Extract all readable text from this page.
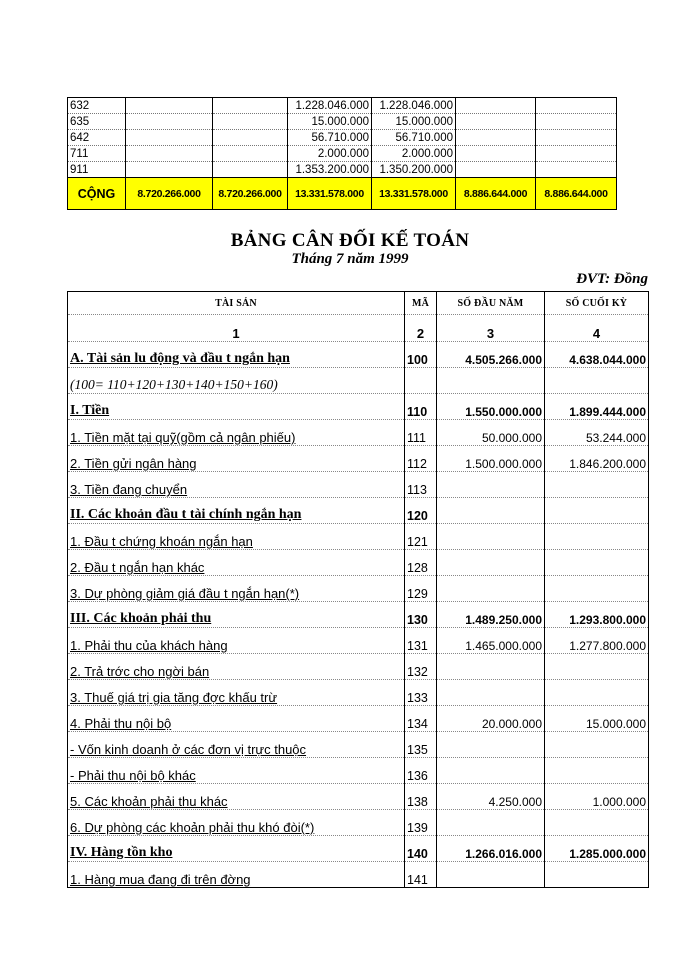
632			1.228.046.000	1.228.046.000		
635			15.000.000	15.000.000		
642			56.710.000	56.710.000		
711			2.000.000	2.000.000		
911			1.353.200.000	1.350.200.000		
CỘNG	8.720.266.000	8.720.266.000	13.331.578.000	13.331.578.000	8.886.644.000	8.886.644.000
BẢNG CÂN ĐỐI KẾ TOÁN
Tháng 7 năm 1999
ĐVT: Đồng
TÀI SẢN	MÃ	SỐ ĐẦU NĂM	SỐ CUỐI KỲ
1	2	3	4
A. Tài sản lu động và đầu t ngắn hạn	100	4.505.266.000	4.638.044.000
(100= 110+120+130+140+150+160)			
I. Tiền	110	1.550.000.000	1.899.444.000
1. Tiền mặt tại quỹ(gồm cả ngân phiếu)	111	50.000.000	53.244.000
2. Tiền gửi ngân hàng	112	1.500.000.000	1.846.200.000
3. Tiền đang chuyển	113		
II. Các khoản đầu t tài chính ngắn hạn	120		
1. Đầu t chứng khoán ngắn hạn	121		
2. Đầu t ngắn hạn khác	128		
3. Dự phòng giảm giá đầu t ngắn hạn(*)	129		
III. Các khoản phải thu	130	1.489.250.000	1.293.800.000
1. Phải thu của khách hàng	131	1.465.000.000	1.277.800.000
2. Trả trớc cho ngời bán	132		
3. Thuế giá trị gia tăng đợc khấu trừ	133		
4. Phải thu nội bộ	134	20.000.000	15.000.000
- Vốn kinh doanh ở các đơn vị trực thuộc	135		
- Phải thu nội bộ khác	136		
5. Các khoản phải thu khác	138	4.250.000	1.000.000
6. Dự phòng các khoản phải thu khó đòi(*)	139		
IV. Hàng tồn kho	140	1.266.016.000	1.285.000.000
1. Hàng mua đang đi trên đờng	141		
